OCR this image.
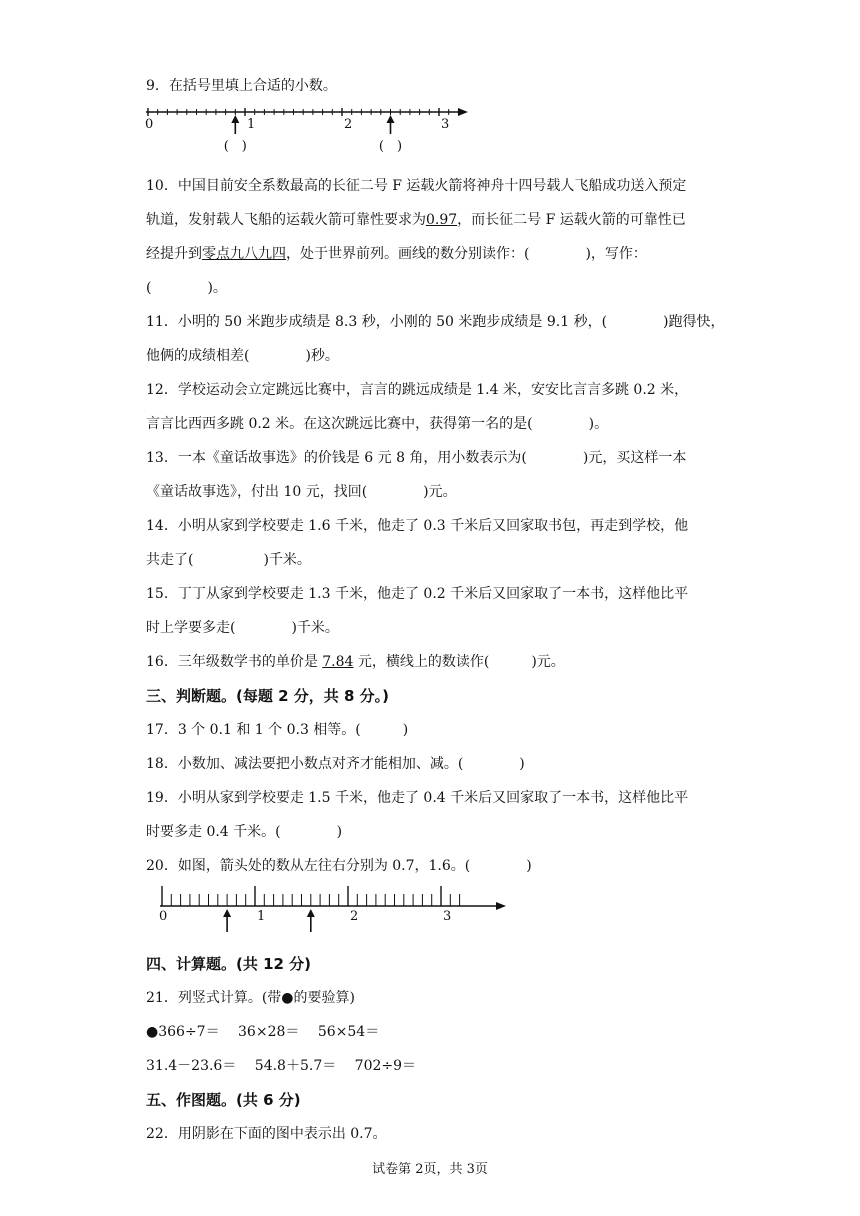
9．在括号里填上合适的小数。
0	1	2	3
(　)	(　)
10．中国目前安全系数最高的长征二号 F 运载火箭将神舟十四号载人飞船成功送入预定
轨道，发射载人飞船的运载火箭可靠性要求为0.97，而长征二号 F 运载火箭的可靠性已
经提升到零点九八九四，处于世界前列。画线的数分别读作：(　　　　)，写作：
(　　　　)。
11．小明的 50 米跑步成绩是 8.3 秒，小刚的 50 米跑步成绩是 9.1 秒，(　　　　)跑得快，
他俩的成绩相差(　　　　)秒。
12．学校运动会立定跳远比赛中，言言的跳远成绩是 1.4 米，安安比言言多跳 0.2 米，
言言比西西多跳 0.2 米。在这次跳远比赛中，获得第一名的是(　　　　)。
13．一本《童话故事选》的价钱是 6 元 8 角，用小数表示为(　　　　)元，买这样一本
《童话故事选》，付出 10 元，找回(　　　　)元。
14．小明从家到学校要走 1.6 千米，他走了 0.3 千米后又回家取书包，再走到学校，他
共走了(　　　　　)千米。
15．丁丁从家到学校要走 1.3 千米，他走了 0.2 千米后又回家取了一本书，这样他比平
时上学要多走(　　　　)千米。
16．三年级数学书的单价是 7.84 元，横线上的数读作(　　　)元。
三、判断题。(每题 2 分，共 8 分。)
17．3 个 0.1 和 1 个 0.3 相等。(　　　)
18．小数加、减法要把小数点对齐才能相加、减。(　　　　)
19．小明从家到学校要走 1.5 千米，他走了 0.4 千米后又回家取了一本书，这样他比平
时要多走 0.4 千米。(　　　　)
20．如图，箭头处的数从左往右分别为 0.7，1.6。(　　　　)
0	1	2	3
四、计算题。(共 12 分)
21．列竖式计算。(带●的要验算)
●366÷7＝　 36×28＝　 56×54＝
31.4－23.6＝　 54.8＋5.7＝　 702÷9＝
五、作图题。(共 6 分)
22．用阴影在下面的图中表示出 0.7。
试卷第 2页，共 3页
